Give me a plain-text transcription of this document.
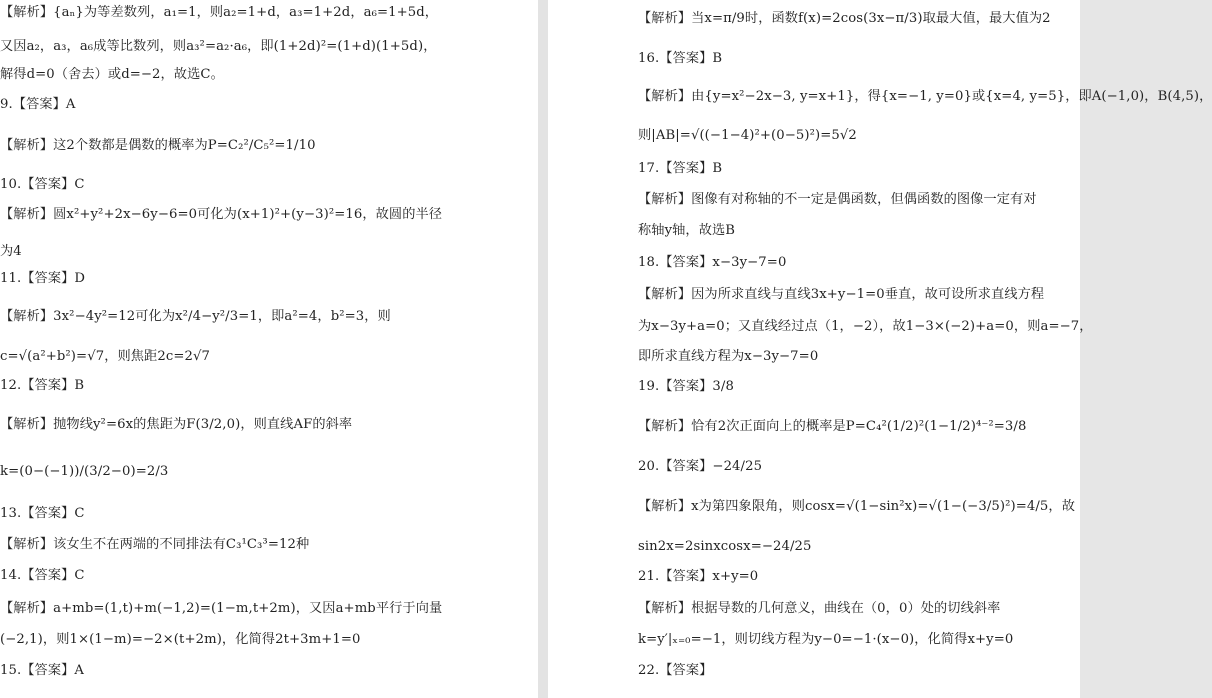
【解析】{aₙ}为等差数列，a₁=1，则a₂=1+d，a₃=1+2d，a₆=1+5d，
又因a₂，a₃，a₆成等比数列，则a₃²=a₂·a₆，即(1+2d)²=(1+d)(1+5d)，
解得d=0（舍去）或d=−2，故选C。
9.【答案】A
【解析】这2个数都是偶数的概率为P=C₂²/C₅²=1/10
10.【答案】C
【解析】圆x²+y²+2x−6y−6=0可化为(x+1)²+(y−3)²=16，故圆的半径
为4
11.【答案】D
【解析】3x²−4y²=12可化为x²/4−y²/3=1，即a²=4，b²=3，则
c=√(a²+b²)=√7，则焦距2c=2√7
12.【答案】B
【解析】抛物线y²=6x的焦距为F(3/2,0)，则直线AF的斜率
k=(0−(−1))/(3/2−0)=2/3
13.【答案】C
【解析】该女生不在两端的不同排法有C₃¹C₃³=12种
14.【答案】C
【解析】a+mb=(1,t)+m(−1,2)=(1−m,t+2m)，又因a+mb平行于向量
(−2,1)，则1×(1−m)=−2×(t+2m)，化简得2t+3m+1=0
15.【答案】A
【解析】当x=π/9时，函数f(x)=2cos(3x−π/3)取最大值，最大值为2
16.【答案】B
【解析】由{y=x²−2x−3, y=x+1}，得{x=−1, y=0}或{x=4, y=5}，即A(−1,0)，B(4,5)，
则|AB|=√((−1−4)²+(0−5)²)=5√2
17.【答案】B
【解析】图像有对称轴的不一定是偶函数，但偶函数的图像一定有对
称轴y轴，故选B
18.【答案】x−3y−7=0
【解析】因为所求直线与直线3x+y−1=0垂直，故可设所求直线方程
为x−3y+a=0；又直线经过点（1，−2），故1−3×(−2)+a=0，则a=−7，
即所求直线方程为x−3y−7=0
19.【答案】3/8
【解析】恰有2次正面向上的概率是P=C₄²(1/2)²(1−1/2)⁴⁻²=3/8
20.【答案】−24/25
【解析】x为第四象限角，则cosx=√(1−sin²x)=√(1−(−3/5)²)=4/5，故
sin2x=2sinxcosx=−24/25
21.【答案】x+y=0
【解析】根据导数的几何意义，曲线在（0，0）处的切线斜率
k=y′|ₓ₌₀=−1，则切线方程为y−0=−1·(x−0)，化简得x+y=0
22.【答案】
